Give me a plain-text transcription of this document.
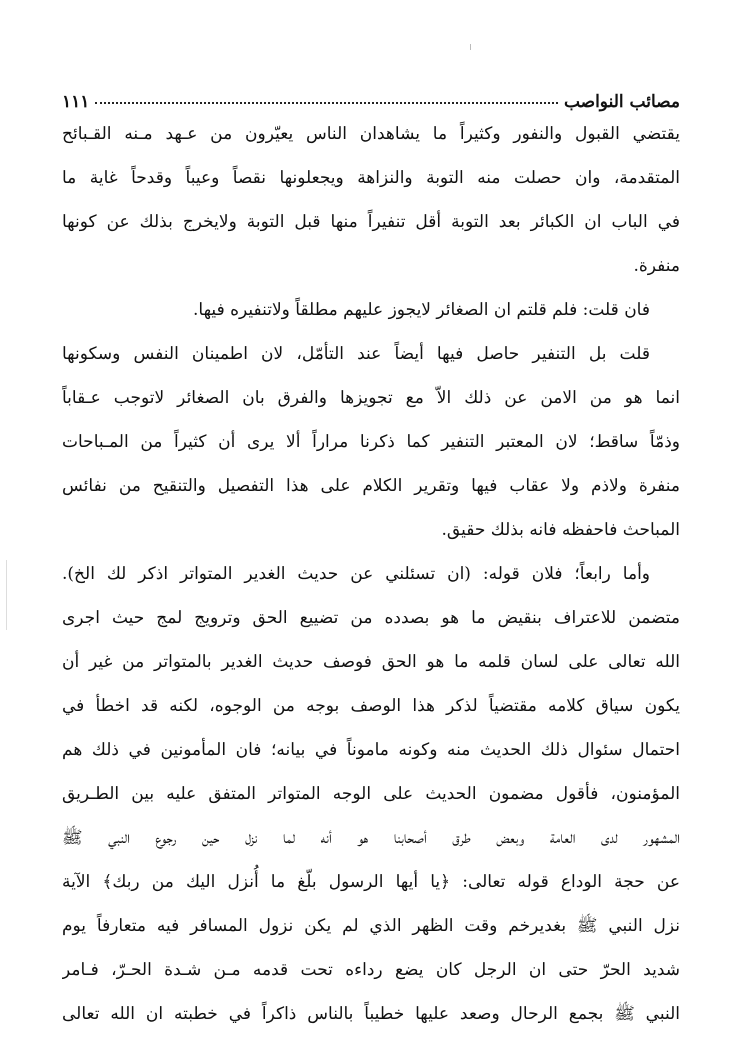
مصائب النواصب
١١١
يقتضي القبول والنفور وكثيراً ما يشاهدان الناس يعيّرون من عـهد مـنه القـبائح
المتقدمة، وان حصلت منه التوبة والنزاهة ويجعلونها نقصاً وعيباً وقدحاً غاية ما
في الباب ان الكبائر بعد التوبة أقل تنفيراً منها قبل التوبة ولايخرج بذلك عن كونها
منفرة.
فان قلت: فلم قلتم ان الصغائر لايجوز عليهم مطلقاً ولاتنفيره فيها.
قلت بل التنفير حاصل فيها أيضاً عند التأمّل، لان اطمينان النفس وسكونها
انما هو من الامن عن ذلك الاّ مع تجويزها والفرق بان الصغائر لاتوجب عـقاباً
وذمّاً ساقط؛ لان المعتبر التنفير كما ذكرنا مراراً ألا يرى أن كثيراً من المـباحات
منفرة ولاذم ولا عقاب فيها وتقرير الكلام على هذا التفصيل والتنقيح من نفائس
المباحث فاحفظه فانه بذلك حقيق.
وأما رابعاً؛ فلان قوله: (ان تسئلني عن حديث الغدير المتواتر اذكر لك الخ).
متضمن للاعتراف بنقيض ما هو بصدده من تضييع الحق وترويج لمج حيث اجرى
الله تعالى على لسان قلمه ما هو الحق فوصف حديث الغدير بالمتواتر من غير أن
يكون سياق كلامه مقتضياً لذكر هذا الوصف بوجه من الوجوه، لكنه قد اخطأ في
احتمال سئوال ذلك الحديث منه وكونه ماموناً في بيانه؛ فان المأمونين في ذلك هم
المؤمنون، فأقول مضمون الحديث على الوجه المتواتر المتفق عليه بين الطـريق
المشهور لدى العامة وبعض طرق أصحابنا هو أنه لما نزل حين رجوع النبي ﷺ
عن حجة الوداع قوله تعالى: ﴿يا أيها الرسول بلّغ ما أُنزل اليك من ربك﴾ الآية
نزل النبي ﷺ بغديرخم وقت الظهر الذي لم يكن نزول المسافر فيه متعارفاً يوم
شديد الحرّ حتى ان الرجل كان يضع رداءه تحت قدمه مـن شـدة الحـرّ، فـامر
النبي ﷺ بجمع الرحال وصعد عليها خطيباً بالناس ذاكراً في خطبته ان الله تعالى
